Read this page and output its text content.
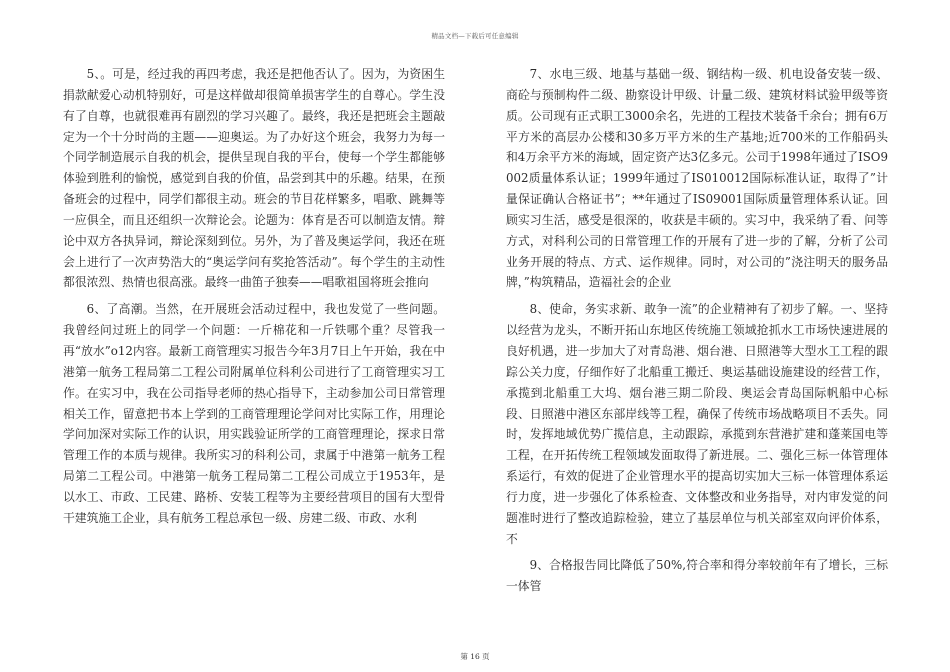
精品文档—下载后可任意编辑

5、。可是，经过我的再四考虑，我还是把他否认了。因为，为资困生捐款献爱心动机特别好，可是这样做却很简单损害学生的自尊心。学生没有了自尊，也就很难再有剧烈的学习兴趣了。最终，我还是把班会主题敲定为一个十分时尚的主题——迎奥运。为了办好这个班会，我努力为每一个同学制造展示自我的机会，提供呈现自我的平台，使每一个学生都能够体验到胜利的愉悦，感觉到自我的价值，品尝到其中的乐趣。结果，在预备班会的过程中，同学们都很主动。班会的节目花样繁多，唱歌、跳舞等一应俱全，而且还组织一次辩论会。论题为：体育是否可以制造友情。辩论中双方各执异词，辩论深刻到位。另外，为了普及奥运学问，我还在班会上进行了一次声势浩大的“奥运学问有奖抢答活动”。每个学生的主动性都很浓烈、热情也很高涨。最终一曲笛子独奏——唱歌祖国将班会推向

6、了高潮。当然，在开展班会活动过程中，我也发觉了一些问题。我曾经问过班上的同学一个问题：一斤棉花和一斤铁哪个重？尽管我一再“放水”o12内容。最新工商管理实习报告今年3月7日上午开始，我在中港第一航务工程局第二工程公司附属单位科利公司进行了工商管理实习工作。在实习中，我在公司指导老师的热心指导下，主动参加公司日常管理相关工作，留意把书本上学到的工商管理理论学问对比实际工作，用理论学问加深对实际工作的认识，用实践验证所学的工商管理理论，探求日常管理工作的本质与规律。我所实习的科利公司，隶属于中港第一航务工程局第二工程公司。中港第一航务工程局第二工程公司成立于1953年，是以水工、市政、工民建、路桥、安装工程等为主要经营项目的国有大型骨干建筑施工企业，具有航务工程总承包一级、房建二级、市政、水利

7、水电三级、地基与基础一级、钢结构一级、机电设备安装一级、商砼与预制构件二级、勘察设计甲级、计量二级、建筑材料试验甲级等资质。公司现有正式职工3000余名，先进的工程技术装备千余台；拥有6万平方米的高层办公楼和30多万平方米的生产基地;近700米的工作船码头和4万余平方米的海域，固定资产达3亿多元。公司于1998年通过了ISO9002质量体系认证；1999年通过了IS010012国际标准认证，取得了”计量保证确认合格证书”；**年通过了IS09001国际质量管理体系认证。回顾实习生活，感受是很深的，收获是丰硕的。实习中，我采纳了看、问等方式，对科利公司的日常管理工作的开展有了进一步的了解，分析了公司业务开展的特点、方式、运作规律。同时，对公司的”浇注明天的服务品牌，”构筑精品，造福社会的企业

8、使命，务实求新、敢争一流”的企业精神有了初步了解。一、坚持以经营为龙头，不断开拓山东地区传统施工领域抢抓水工市场快速进展的良好机遇，进一步加大了对青岛港、烟台港、日照港等大型水工工程的跟踪公关力度，仔细作好了北船重工搬迁、奥运基础设施建设的经营工作，承揽到北船重工大坞、烟台港三期二阶段、奥运会青岛国际帆船中心标段、日照港中港区东部岸线等工程，确保了传统市场战略项目不丢失。同时，发挥地域优势广揽信息，主动跟踪，承揽到东营港扩建和蓬莱国电等工程，在开拓传统工程领域发面取得了新进展。二、强化三标一体管理体系运行，有效的促进了企业管理水平的提高切实加大三标一体管理体系运行力度，进一步强化了体系检查、文体整改和业务指导，对内审发觉的问题准时进行了整改追踪检验，建立了基层单位与机关部室双向评价体系，不

9、合格报告同比降低了50%,符合率和得分率较前年有了增长，三标一体管

第 16 页
